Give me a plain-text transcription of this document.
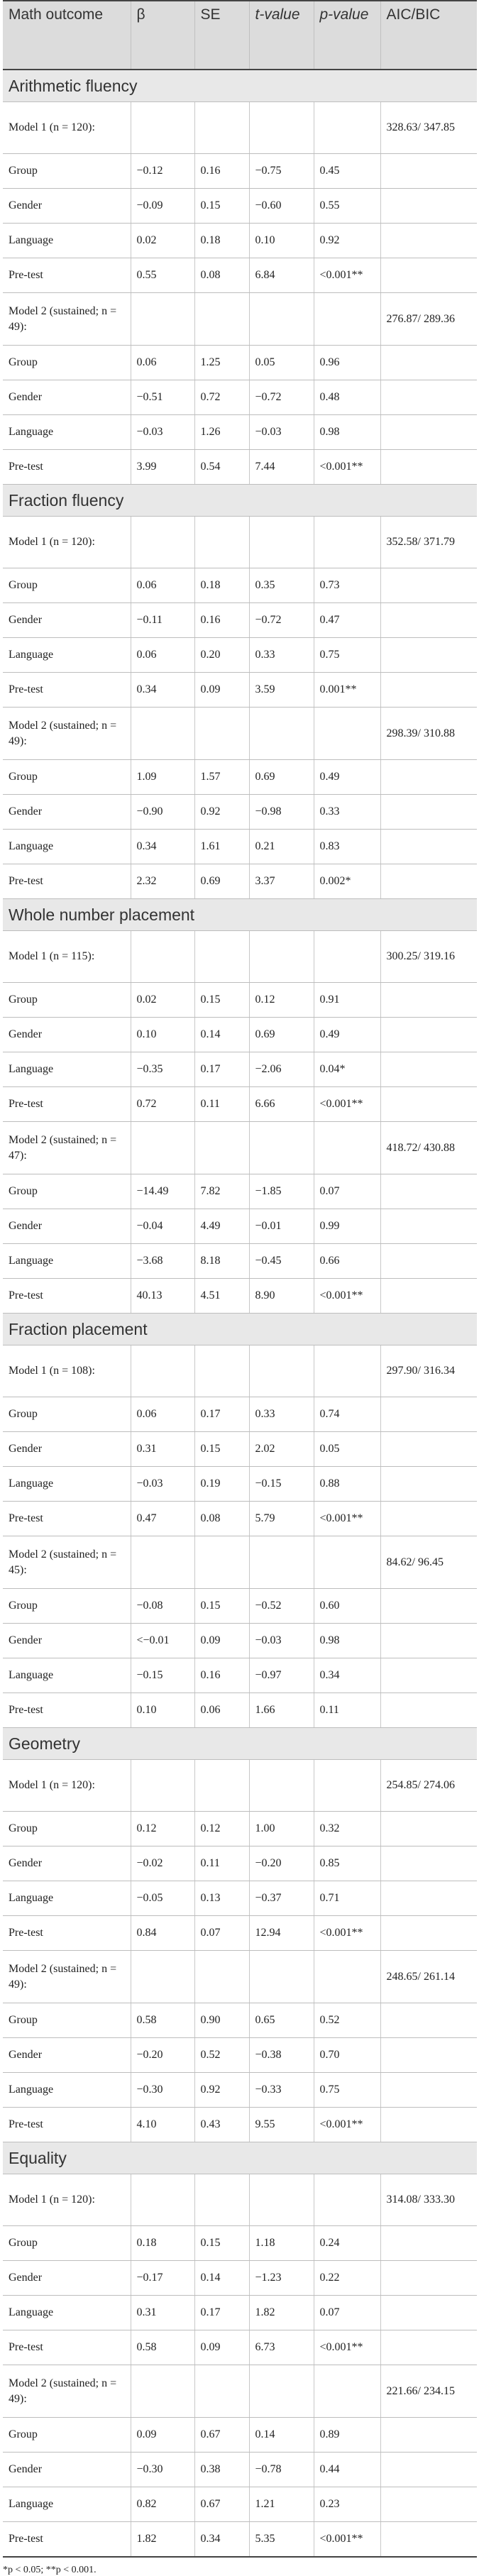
Math outcome	β	SE	t-value	p-value	AIC/BIC
Arithmetic fluency					
Model 1 (n = 120):					328.63/ 347.85
Group	−0.12	0.16	−0.75	0.45	
Gender	−0.09	0.15	−0.60	0.55	
Language	0.02	0.18	0.10	0.92	
Pre-test	0.55	0.08	6.84	<0.001**	
Model 2 (sustained; n = 49):					276.87/ 289.36
Group	0.06	1.25	0.05	0.96	
Gender	−0.51	0.72	−0.72	0.48	
Language	−0.03	1.26	−0.03	0.98	
Pre-test	3.99	0.54	7.44	<0.001**	
Fraction fluency					
Model 1 (n = 120):					352.58/ 371.79
Group	0.06	0.18	0.35	0.73	
Gender	−0.11	0.16	−0.72	0.47	
Language	0.06	0.20	0.33	0.75	
Pre-test	0.34	0.09	3.59	0.001**	
Model 2 (sustained; n = 49):					298.39/ 310.88
Group	1.09	1.57	0.69	0.49	
Gender	−0.90	0.92	−0.98	0.33	
Language	0.34	1.61	0.21	0.83	
Pre-test	2.32	0.69	3.37	0.002*	
Whole number placement					
Model 1 (n = 115):					300.25/ 319.16
Group	0.02	0.15	0.12	0.91	
Gender	0.10	0.14	0.69	0.49	
Language	−0.35	0.17	−2.06	0.04*	
Pre-test	0.72	0.11	6.66	<0.001**	
Model 2 (sustained; n = 47):					418.72/ 430.88
Group	−14.49	7.82	−1.85	0.07	
Gender	−0.04	4.49	−0.01	0.99	
Language	−3.68	8.18	−0.45	0.66	
Pre-test	40.13	4.51	8.90	<0.001**	
Fraction placement					
Model 1 (n = 108):					297.90/ 316.34
Group	0.06	0.17	0.33	0.74	
Gender	0.31	0.15	2.02	0.05	
Language	−0.03	0.19	−0.15	0.88	
Pre-test	0.47	0.08	5.79	<0.001**	
Model 2 (sustained; n = 45):					84.62/ 96.45
Group	−0.08	0.15	−0.52	0.60	
Gender	<−0.01	0.09	−0.03	0.98	
Language	−0.15	0.16	−0.97	0.34	
Pre-test	0.10	0.06	1.66	0.11	
Geometry					
Model 1 (n = 120):					254.85/ 274.06
Group	0.12	0.12	1.00	0.32	
Gender	−0.02	0.11	−0.20	0.85	
Language	−0.05	0.13	−0.37	0.71	
Pre-test	0.84	0.07	12.94	<0.001**	
Model 2 (sustained; n = 49):					248.65/ 261.14
Group	0.58	0.90	0.65	0.52	
Gender	−0.20	0.52	−0.38	0.70	
Language	−0.30	0.92	−0.33	0.75	
Pre-test	4.10	0.43	9.55	<0.001**	
Equality					
Model 1 (n = 120):					314.08/ 333.30
Group	0.18	0.15	1.18	0.24	
Gender	−0.17	0.14	−1.23	0.22	
Language	0.31	0.17	1.82	0.07	
Pre-test	0.58	0.09	6.73	<0.001**	
Model 2 (sustained; n = 49):					221.66/ 234.15
Group	0.09	0.67	0.14	0.89	
Gender	−0.30	0.38	−0.78	0.44	
Language	0.82	0.67	1.21	0.23	
Pre-test	1.82	0.34	5.35	<0.001**	
*p < 0.05; **p < 0.001.
